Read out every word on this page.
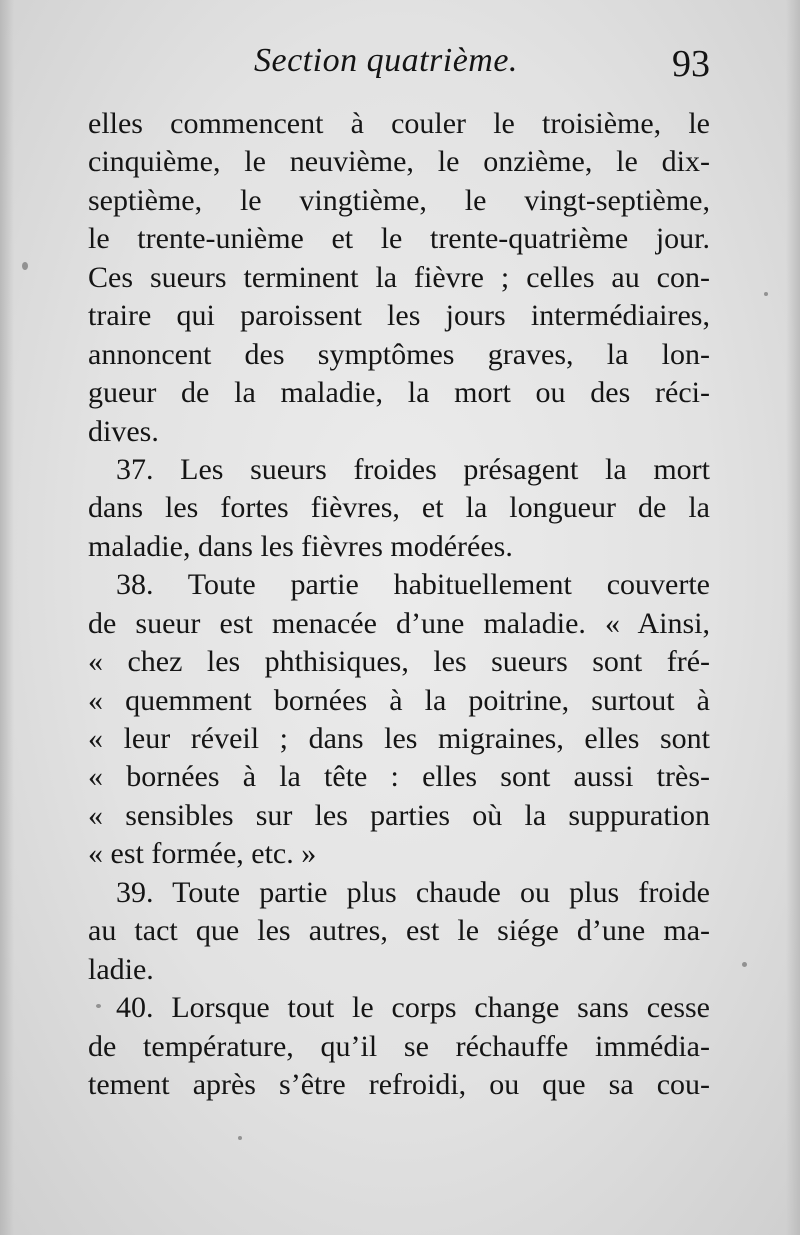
Section quatrième.	93
elles commencent à couler le troisième, le
cinquième, le neuvième, le onzième, le dix-
septième, le vingtième, le vingt-septième,
le trente-unième et le trente-quatrième jour.
Ces sueurs terminent la fièvre ; celles au con-
traire qui paroissent les jours intermédiaires,
annoncent des symptômes graves, la lon-
gueur de la maladie, la mort ou des réci-
dives.
37. Les sueurs froides présagent la mort
dans les fortes fièvres, et la longueur de la
maladie, dans les fièvres modérées.
38. Toute partie habituellement couverte
de sueur est menacée d’une maladie. « Ainsi,
« chez les phthisiques, les sueurs sont fré-
« quemment bornées à la poitrine, surtout à
« leur réveil ; dans les migraines, elles sont
« bornées à la tête : elles sont aussi très-
« sensibles sur les parties où la suppuration
« est formée, etc. »
39. Toute partie plus chaude ou plus froide
au tact que les autres, est le siége d’une ma-
ladie.
40. Lorsque tout le corps change sans cesse
de température, qu’il se réchauffe immédia-
tement après s’être refroidi, ou que sa cou-
